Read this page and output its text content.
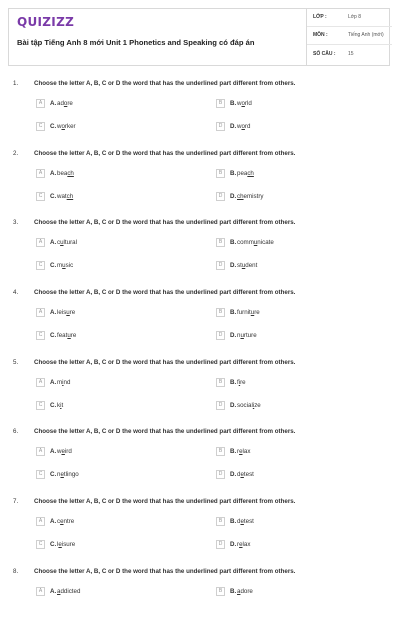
QUIZIZZ
Bài tập Tiếng Anh 8 mới Unit 1 Phonetics and Speaking có đáp án
LỚP :	Lớp 8
MÔN :	Tiếng Anh (mới)
SỐ CÂU :	15
1.	Choose the letter A, B, C or D the word that has the underlined part different from others.
A	A. adore	B	B. world
C	C. worker	D	D. word
2.	Choose the letter A, B, C or D the word that has the underlined part different from others.
A	A. beach	B	B. peach
C	C. watch	D	D. chemistry
3.	Choose the letter A, B, C or D the word that has the underlined part different from others.
A	A. cultural	B	B. communicate
C	C. music	D	D. student
4.	Choose the letter A, B, C or D the word that has the underlined part different from others.
A	A. leisure	B	B. furniture
C	C. feature	D	D. nurture
5.	Choose the letter A, B, C or D the word that has the underlined part different from others.
A	A. mind	B	B. fire
C	C. kit	D	D. socialize
6.	Choose the letter A, B, C or D the word that has the underlined part different from others.
A	A. weird	B	B. relax
C	C. netlingo	D	D. detest
7.	Choose the letter A, B, C or D the word that has the underlined part different from others.
A	A. centre	B	B. detest
C	C. leisure	D	D. relax
8.	Choose the letter A, B, C or D the word that has the underlined part different from others.
A	A. addicted	B	B. adore
